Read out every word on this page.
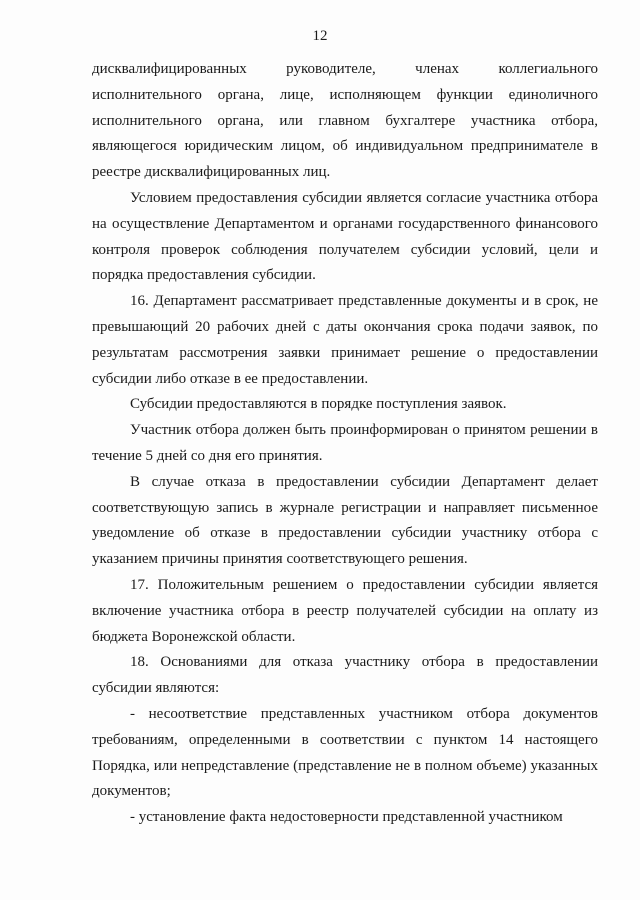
12

дисквалифицированных руководителе, членах коллегиального исполнительного органа, лице, исполняющем функции единоличного исполнительного органа, или главном бухгалтере участника отбора, являющегося юридическим лицом, об индивидуальном предпринимателе в реестре дисквалифицированных лиц.

Условием предоставления субсидии является согласие участника отбора на осуществление Департаментом и органами государственного финансового контроля проверок соблюдения получателем субсидии условий, цели и порядка предоставления субсидии.

16. Департамент рассматривает представленные документы и в срок, не превышающий 20 рабочих дней с даты окончания срока подачи заявок, по результатам рассмотрения заявки принимает решение о предоставлении субсидии либо отказе в ее предоставлении.

Субсидии предоставляются в порядке поступления заявок.

Участник отбора должен быть проинформирован о принятом решении в течение 5 дней со дня его принятия.

В случае отказа в предоставлении субсидии Департамент делает соответствующую запись в журнале регистрации и направляет письменное уведомление об отказе в предоставлении субсидии участнику отбора с указанием причины принятия соответствующего решения.

17. Положительным решением о предоставлении субсидии является включение участника отбора в реестр получателей субсидии на оплату из бюджета Воронежской области.

18. Основаниями для отказа участнику отбора в предоставлении субсидии являются:

- несоответствие представленных участником отбора документов требованиям, определенными в соответствии с пунктом 14 настоящего Порядка, или непредставление (представление не в полном объеме) указанных документов;

- установление факта недостоверности представленной участником
